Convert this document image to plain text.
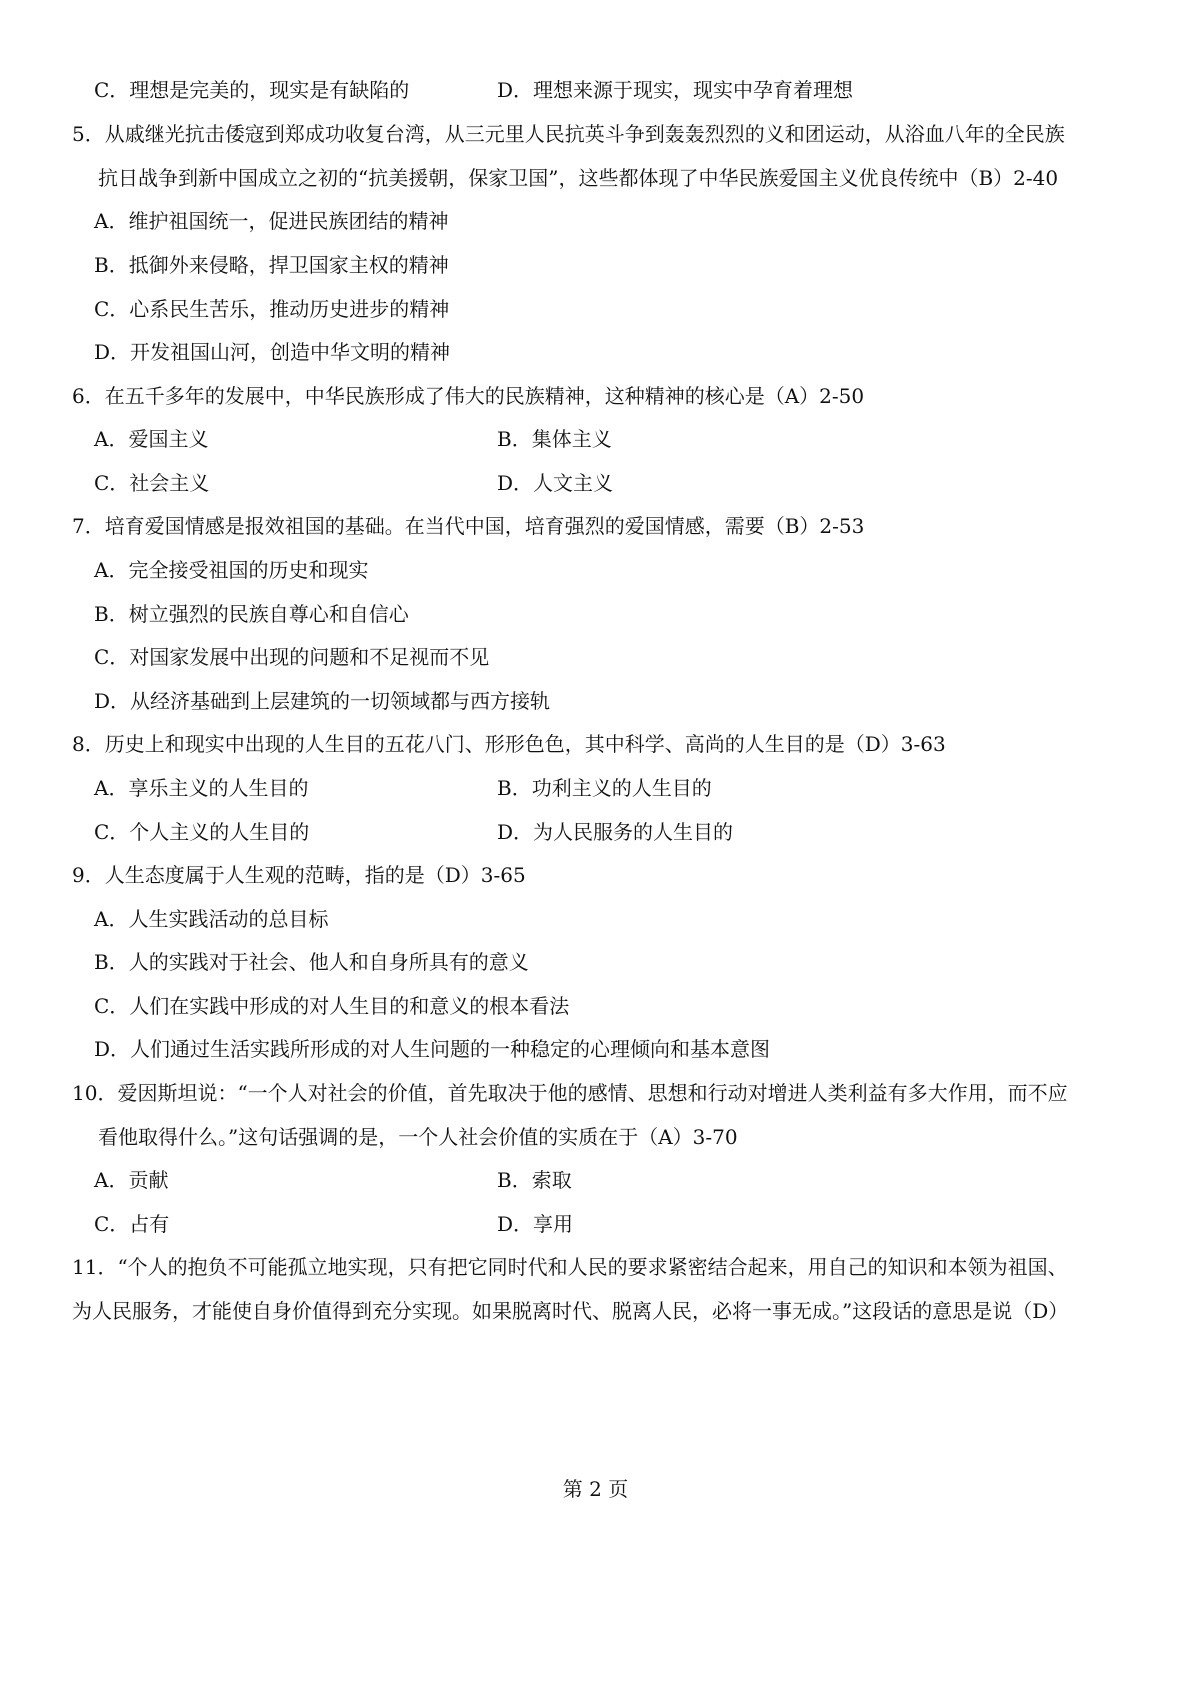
C．理想是完美的，现实是有缺陷的	D．理想来源于现实，现实中孕育着理想
5．从戚继光抗击倭寇到郑成功收复台湾，从三元里人民抗英斗争到轰轰烈烈的义和团运动，从浴血八年的全民族
抗日战争到新中国成立之初的“抗美援朝，保家卫国”，这些都体现了中华民族爱国主义优良传统中（B）2-40
A．维护祖国统一，促进民族团结的精神
B．抵御外来侵略，捍卫国家主权的精神
C．心系民生苦乐，推动历史进步的精神
D．开发祖国山河，创造中华文明的精神
6．在五千多年的发展中，中华民族形成了伟大的民族精神，这种精神的核心是（A）2-50
A．爱国主义	B．集体主义
C．社会主义	D．人文主义
7．培育爱国情感是报效祖国的基础。在当代中国，培育强烈的爱国情感，需要（B）2-53
A．完全接受祖国的历史和现实
B．树立强烈的民族自尊心和自信心
C．对国家发展中出现的问题和不足视而不见
D．从经济基础到上层建筑的一切领域都与西方接轨
8．历史上和现实中出现的人生目的五花八门、形形色色，其中科学、高尚的人生目的是（D）3-63
A．享乐主义的人生目的	B．功利主义的人生目的
C．个人主义的人生目的	D．为人民服务的人生目的
9．人生态度属于人生观的范畴，指的是（D）3-65
A．人生实践活动的总目标
B．人的实践对于社会、他人和自身所具有的意义
C．人们在实践中形成的对人生目的和意义的根本看法
D．人们通过生活实践所形成的对人生问题的一种稳定的心理倾向和基本意图
10．爱因斯坦说：“一个人对社会的价值，首先取决于他的感情、思想和行动对增进人类利益有多大作用，而不应
看他取得什么。”这句话强调的是，一个人社会价值的实质在于（A）3-70
A．贡献	B．索取
C．占有	D．享用
11．“个人的抱负不可能孤立地实现，只有把它同时代和人民的要求紧密结合起来，用自己的知识和本领为祖国、
为人民服务，才能使自身价值得到充分实现。如果脱离时代、脱离人民，必将一事无成。”这段话的意思是说（D）
第 2 页
